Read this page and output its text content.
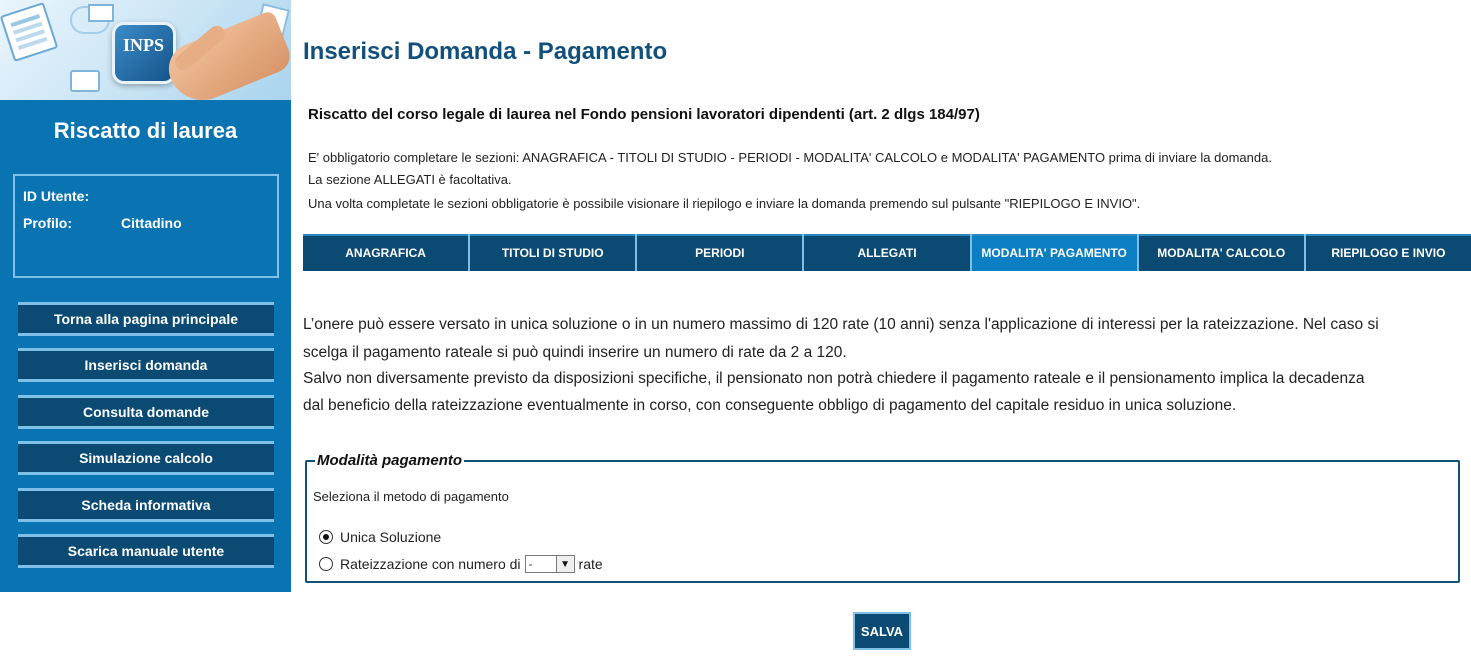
INPS
Riscatto di laurea
ID Utente:
Profilo:	Cittadino
Torna alla pagina principale
Inserisci domanda
Consulta domande
Simulazione calcolo
Scheda informativa
Scarica manuale utente
Inserisci Domanda - Pagamento
Riscatto del corso legale di laurea nel Fondo pensioni lavoratori dipendenti (art. 2 dlgs 184/97)
E' obbligatorio completare le sezioni: ANAGRAFICA - TITOLI DI STUDIO - PERIODI - MODALITA' CALCOLO e MODALITA' PAGAMENTO prima di inviare la domanda.
La sezione ALLEGATI è facoltativa.
Una volta completate le sezioni obbligatorie è possibile visionare il riepilogo e inviare la domanda premendo sul pulsante "RIEPILOGO E INVIO".
ANAGRAFICA	TITOLI DI STUDIO	PERIODI	ALLEGATI	MODALITA' PAGAMENTO	MODALITA' CALCOLO	RIEPILOGO E INVIO
L’onere può essere versato in unica soluzione o in un numero massimo di 120 rate (10 anni) senza l'applicazione di interessi per la rateizzazione. Nel caso si
scelga il pagamento rateale si può quindi inserire un numero di rate da 2 a 120.
Salvo non diversamente previsto da disposizioni specifiche, il pensionato non potrà chiedere il pagamento rateale e il pensionamento implica la decadenza
dal beneficio della rateizzazione eventualmente in corso, con conseguente obbligo di pagamento del capitale residuo in unica soluzione.
Modalità pagamento
Seleziona il metodo di pagamento
Unica Soluzione
Rateizzazione con numero di -	▼ rate
SALVA
